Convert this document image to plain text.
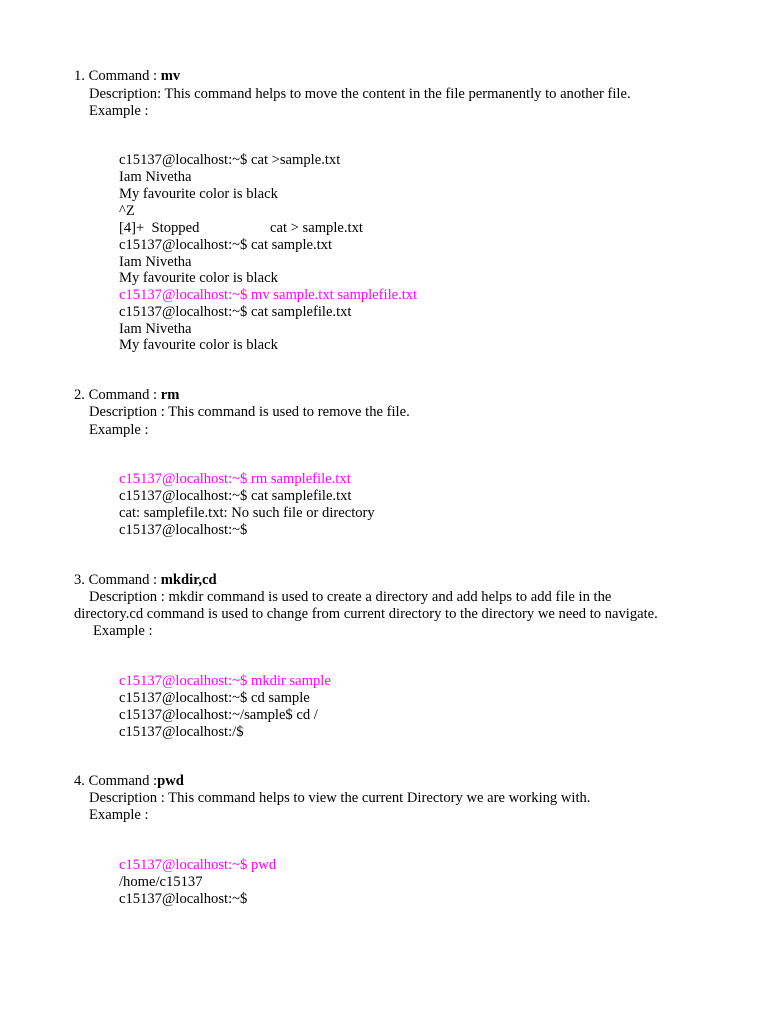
1. Command : mv
Description: This command helps to move the content in the file permanently to another file.
Example :
c15137@localhost:~$ cat >sample.txt
Iam Nivetha
My favourite color is black
^Z
[4]+  Stopped	cat > sample.txt
c15137@localhost:~$ cat sample.txt
Iam Nivetha
My favourite color is black
c15137@localhost:~$ mv sample.txt samplefile.txt
c15137@localhost:~$ cat samplefile.txt
Iam Nivetha
My favourite color is black
2. Command : rm
Description : This command is used to remove the file.
Example :
c15137@localhost:~$ rm samplefile.txt
c15137@localhost:~$ cat samplefile.txt
cat: samplefile.txt: No such file or directory
c15137@localhost:~$
3. Command : mkdir,cd
Description : mkdir command is used to create a directory and add helps to add file in the
directory.cd command is used to change from current directory to the directory we need to navigate.
Example :
c15137@localhost:~$ mkdir sample
c15137@localhost:~$ cd sample
c15137@localhost:~/sample$ cd /
c15137@localhost:/$
4. Command :pwd
Description : This command helps to view the current Directory we are working with.
Example :
c15137@localhost:~$ pwd
/home/c15137
c15137@localhost:~$
